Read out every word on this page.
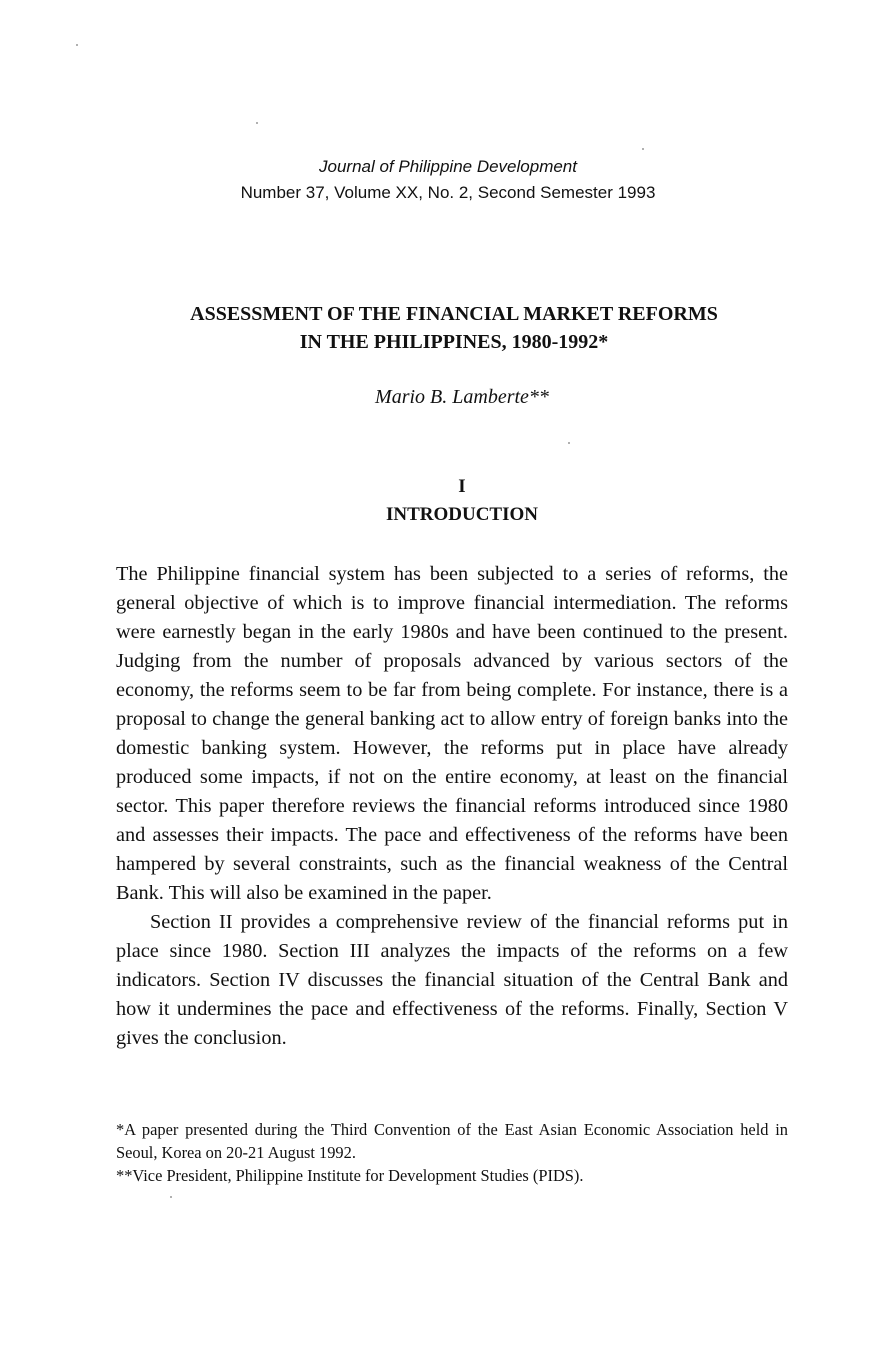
Journal of Philippine Development
Number 37, Volume XX, No. 2, Second Semester 1993
ASSESSMENT OF THE FINANCIAL MARKET REFORMS
IN THE PHILIPPINES, 1980-1992*
Mario B. Lamberte**
I
INTRODUCTION

The Philippine financial system has been subjected to a series of reforms, the general objective of which is to improve financial intermediation. The reforms were earnestly began in the early 1980s and have been continued to the present. Judging from the number of proposals advanced by various sectors of the economy, the reforms seem to be far from being complete. For instance, there is a proposal to change the general banking act to allow entry of foreign banks into the domestic banking system. However, the reforms put in place have already produced some impacts, if not on the entire economy, at least on the financial sector. This paper therefore reviews the financial reforms introduced since 1980 and assesses their impacts. The pace and effectiveness of the reforms have been hampered by several constraints, such as the financial weakness of the Central Bank. This will also be examined in the paper.

Section II provides a comprehensive review of the financial reforms put in place since 1980. Section III analyzes the impacts of the reforms on a few indicators. Section IV discusses the financial situation of the Central Bank and how it undermines the pace and effectiveness of the reforms. Finally, Section V gives the conclusion.

*A paper presented during the Third Convention of the East Asian Economic Association held in Seoul, Korea on 20-21 August 1992.

**Vice President, Philippine Institute for Development Studies (PIDS).
